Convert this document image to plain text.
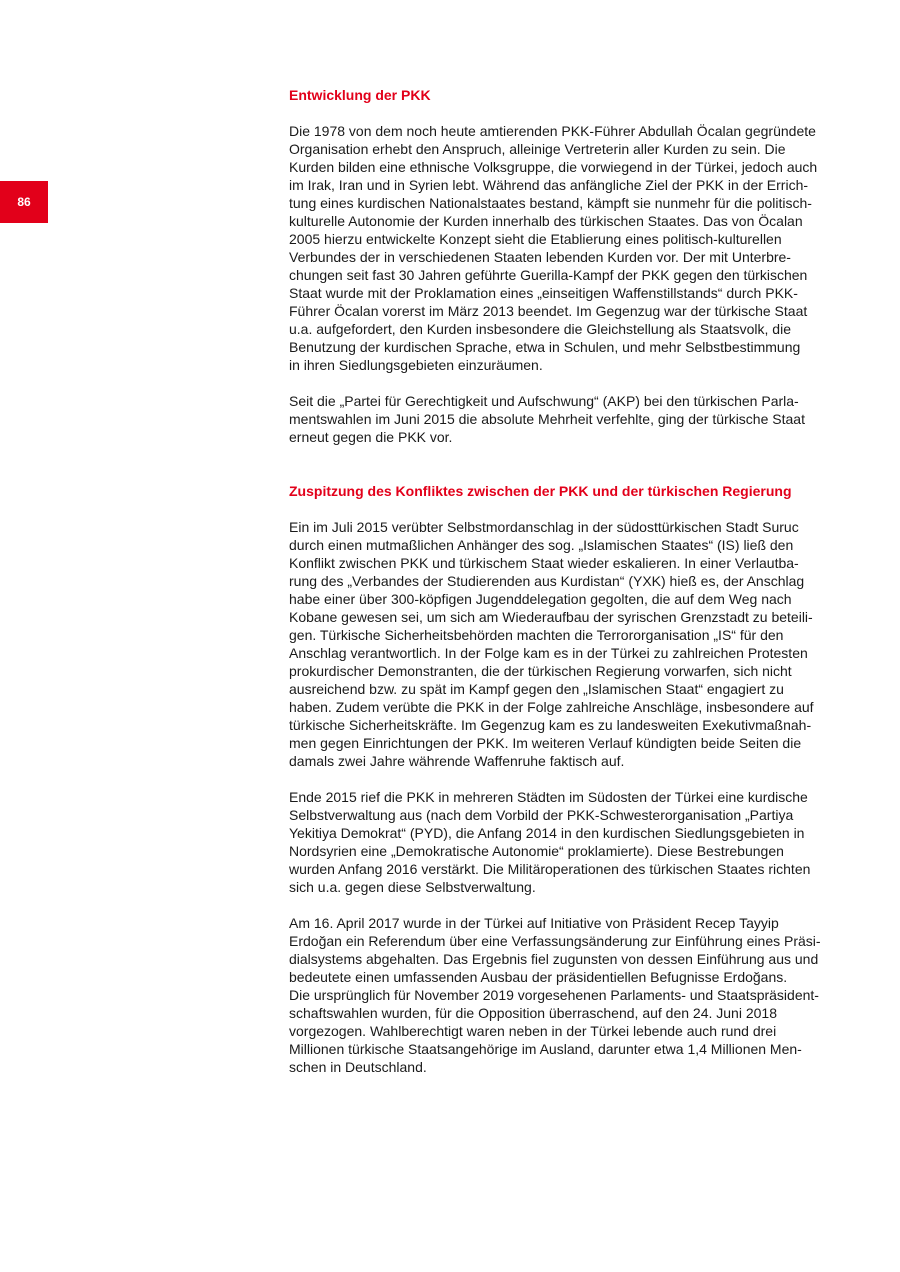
86
Entwicklung der PKK
Die 1978 von dem noch heute amtierenden PKK-Führer Abdullah Öcalan gegründete
Organisation erhebt den Anspruch, alleinige Vertreterin aller Kurden zu sein. Die
Kurden bilden eine ethnische Volksgruppe, die vorwiegend in der Türkei, jedoch auch
im Irak, Iran und in Syrien lebt. Während das anfängliche Ziel der PKK in der Errich-
tung eines kurdischen Nationalstaates bestand, kämpft sie nunmehr für die politisch-
kulturelle Autonomie der Kurden innerhalb des türkischen Staates. Das von Öcalan
2005 hierzu entwickelte Konzept sieht die Etablierung eines politisch-kulturellen
Verbundes der in verschiedenen Staaten lebenden Kurden vor. Der mit Unterbre-
chungen seit fast 30 Jahren geführte Guerilla-Kampf der PKK gegen den türkischen
Staat wurde mit der Proklamation eines „einseitigen Waffenstillstands“ durch PKK-
Führer Öcalan vorerst im März 2013 beendet. Im Gegenzug war der türkische Staat
u.a. aufgefordert, den Kurden insbesondere die Gleichstellung als Staatsvolk, die
Benutzung der kurdischen Sprache, etwa in Schulen, und mehr Selbstbestimmung
in ihren Siedlungsgebieten einzuräumen.
Seit die „Partei für Gerechtigkeit und Aufschwung“ (AKP) bei den türkischen Parla-
mentswahlen im Juni 2015 die absolute Mehrheit verfehlte, ging der türkische Staat
erneut gegen die PKK vor.
Zuspitzung des Konfliktes zwischen der PKK und der türkischen Regierung
Ein im Juli 2015 verübter Selbstmordanschlag in der südosttürkischen Stadt Suruc
durch einen mutmaßlichen Anhänger des sog. „Islamischen Staates“ (IS) ließ den
Konflikt zwischen PKK und türkischem Staat wieder eskalieren. In einer Verlautba-
rung des „Verbandes der Studierenden aus Kurdistan“ (YXK) hieß es, der Anschlag
habe einer über 300-köpfigen Jugenddelegation gegolten, die auf dem Weg nach
Kobane gewesen sei, um sich am Wiederaufbau der syrischen Grenzstadt zu beteili-
gen. Türkische Sicherheitsbehörden machten die Terrororganisation „IS“ für den
Anschlag verantwortlich. In der Folge kam es in der Türkei zu zahlreichen Protesten
prokurdischer Demonstranten, die der türkischen Regierung vorwarfen, sich nicht
ausreichend bzw. zu spät im Kampf gegen den „Islamischen Staat“ engagiert zu
haben. Zudem verübte die PKK in der Folge zahlreiche Anschläge, insbesondere auf
türkische Sicherheitskräfte. Im Gegenzug kam es zu landesweiten Exekutivmaßnah-
men gegen Einrichtungen der PKK. Im weiteren Verlauf kündigten beide Seiten die
damals zwei Jahre währende Waffenruhe faktisch auf.
Ende 2015 rief die PKK in mehreren Städten im Südosten der Türkei eine kurdische
Selbstverwaltung aus (nach dem Vorbild der PKK-Schwesterorganisation „Partiya
Yekitiya Demokrat“ (PYD), die Anfang 2014 in den kurdischen Siedlungsgebieten in
Nordsyrien eine „Demokratische Autonomie“ proklamierte). Diese Bestrebungen
wurden Anfang 2016 verstärkt. Die Militäroperationen des türkischen Staates richten
sich u.a. gegen diese Selbstverwaltung.
Am 16. April 2017 wurde in der Türkei auf Initiative von Präsident Recep Tayyip
Erdoğan ein Referendum über eine Verfassungsänderung zur Einführung eines Präsi-
dialsystems abgehalten. Das Ergebnis fiel zugunsten von dessen Einführung aus und
bedeutete einen umfassenden Ausbau der präsidentiellen Befugnisse Erdoğans.
Die ursprünglich für November 2019 vorgesehenen Parlaments- und Staatspräsident-
schaftswahlen wurden, für die Opposition überraschend, auf den 24. Juni 2018
vorgezogen. Wahlberechtigt waren neben in der Türkei lebende auch rund drei
Millionen türkische Staatsangehörige im Ausland, darunter etwa 1,4 Millionen Men-
schen in Deutschland.
